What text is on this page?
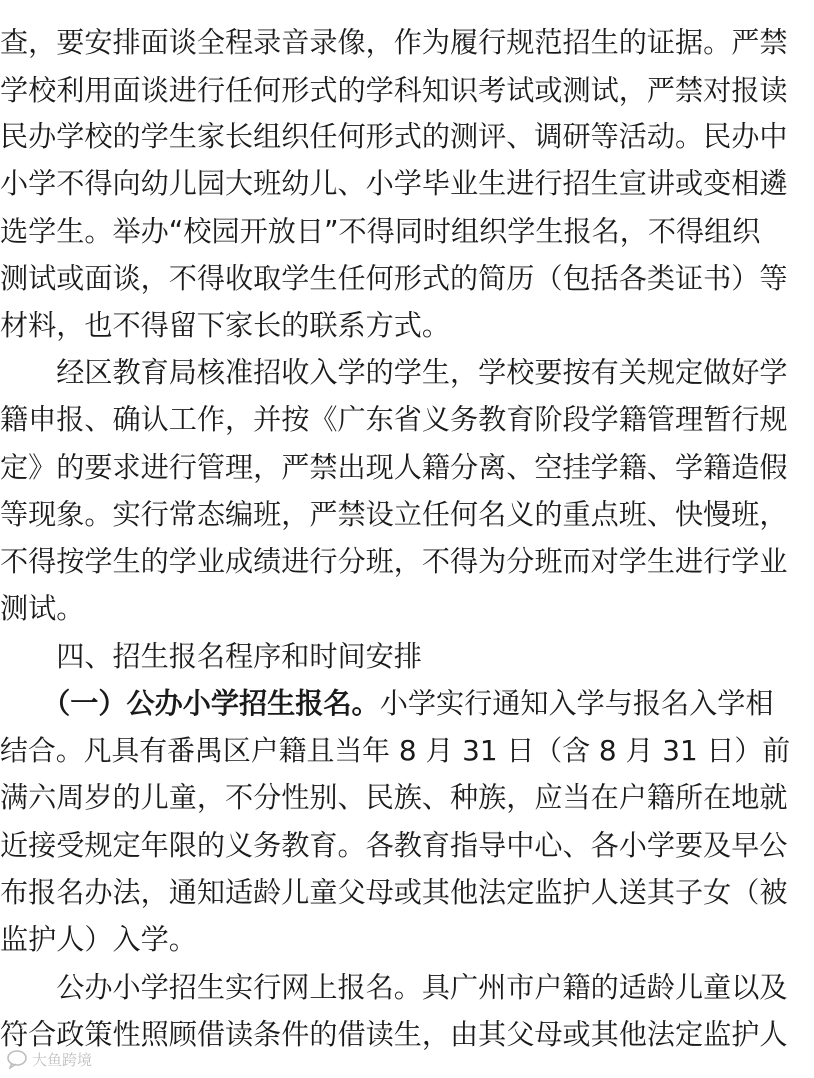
查，要安排面谈全程录音录像，作为履行规范招生的证据。严禁
学校利用面谈进行任何形式的学科知识考试或测试，严禁对报读
民办学校的学生家长组织任何形式的测评、调研等活动。民办中
小学不得向幼儿园大班幼儿、小学毕业生进行招生宣讲或变相遴
选学生。举办“校园开放日”不得同时组织学生报名，不得组织
测试或面谈，不得收取学生任何形式的简历（包括各类证书）等
材料，也不得留下家长的联系方式。
　　经区教育局核准招收入学的学生，学校要按有关规定做好学
籍申报、确认工作，并按《广东省义务教育阶段学籍管理暂行规
定》的要求进行管理，严禁出现人籍分离、空挂学籍、学籍造假
等现象。实行常态编班，严禁设立任何名义的重点班、快慢班，
不得按学生的学业成绩进行分班，不得为分班而对学生进行学业
测试。
　　四、招生报名程序和时间安排
　　（一）公办小学招生报名。小学实行通知入学与报名入学相
结合。凡具有番禺区户籍且当年 8 月 31 日（含 8 月 31 日）前
满六周岁的儿童，不分性别、民族、种族，应当在户籍所在地就
近接受规定年限的义务教育。各教育指导中心、各小学要及早公
布报名办法，通知适龄儿童父母或其他法定监护人送其子女（被
监护人）入学。
　　公办小学招生实行网上报名。具广州市户籍的适龄儿童以及
符合政策性照顾借读条件的借读生，由其父母或其他法定监护人
大鱼跨境
